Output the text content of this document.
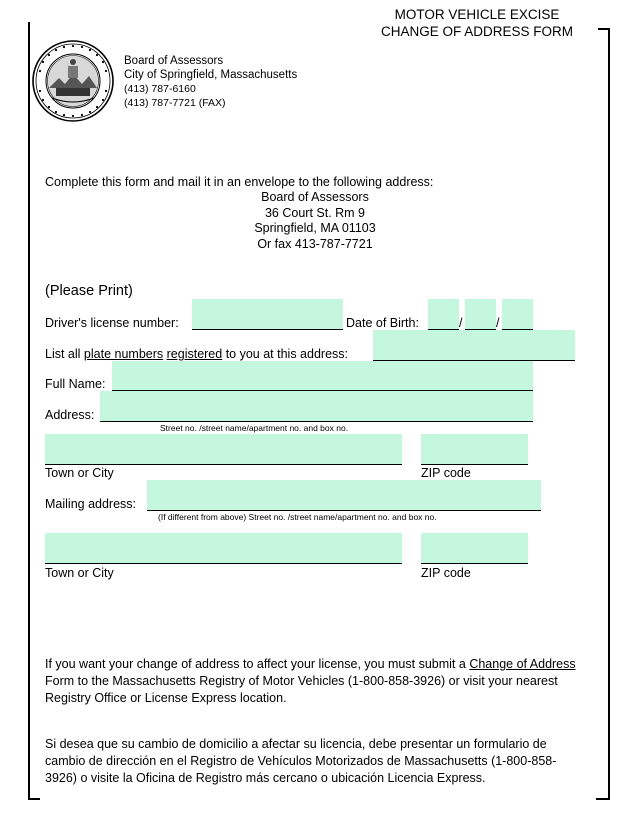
MOTOR VEHICLE EXCISE
CHANGE OF ADDRESS FORM
Board of Assessors
City of Springfield, Massachusetts
(413) 787-6160
(413) 787-7721 (FAX)
Complete this form and mail it in an envelope to the following address:
Board of Assessors
36 Court St. Rm 9
Springfield, MA 01103
Or fax 413-787-7721
(Please Print)
Driver's license number:	Date of Birth:	/	/
List all plate numbers registered to you at this address:
Full Name:
Address:
Street no. /street name/apartment no. and box no.
Town or City	ZIP code
Mailing address:
(If different from above) Street no. /street name/apartment no. and box no.
Town or City	ZIP code
If you want your change of address to affect your license, you must submit a Change of Address Form to the Massachusetts Registry of Motor Vehicles (1-800-858-3926) or visit your nearest Registry Office or License Express location.
Si desea que su cambio de domicilio a afectar su licencia, debe presentar un formulario de cambio de dirección en el Registro de Vehículos Motorizados de Massachusetts (1-800-858-3926) o visite la Oficina de Registro más cercano o ubicación Licencia Express.
